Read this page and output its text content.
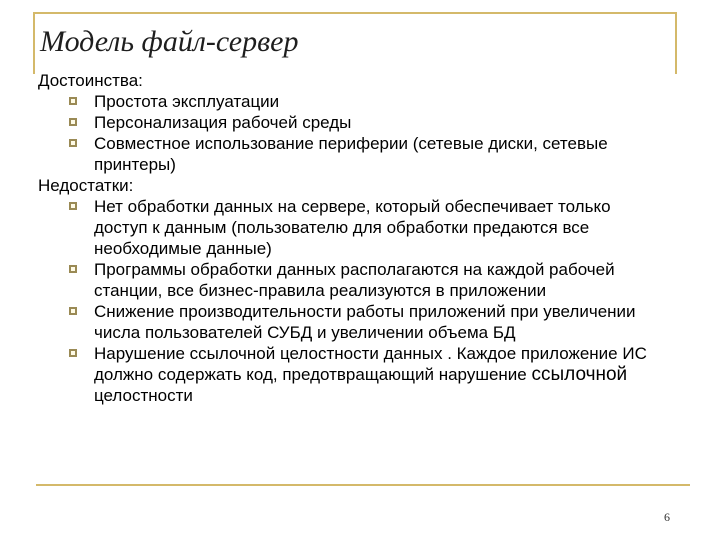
Модель файл-сервер

Достоинства:

Простота эксплуатации
Персонализация рабочей среды
Совместное использование периферии (сетевые диски, сетевые принтеры)

Недостатки:

Нет обработки данных на сервере, который обеспечивает только доступ к данным (пользователю для обработки предаются все необходимые данные)
Программы обработки данных располагаются на каждой рабочей станции, все бизнес-правила реализуются в приложении
Снижение производительности работы приложений при увеличении числа пользователей СУБД и увеличении объема БД
Нарушение ссылочной целостности данных . Каждое приложение ИС должно содержать код, предотвращающий нарушение ссылочной целостности
6
